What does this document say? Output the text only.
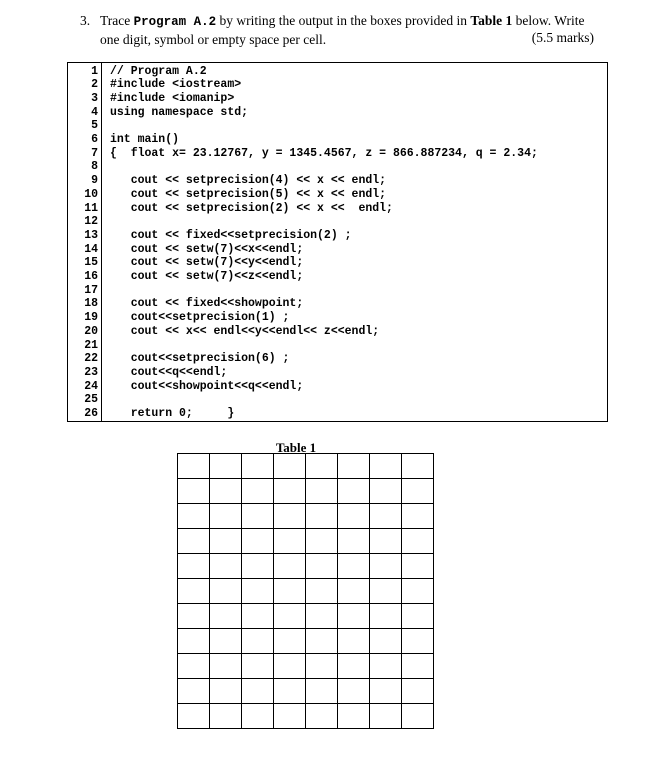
3. Trace Program A.2 by writing the output in the boxes provided in Table 1 below. Write
one digit, symbol or empty space per cell.	(5.5 marks)
1 // Program A.2
2 #include <iostream>
3 #include <iomanip>
4 using namespace std;
5
6 int main()
7 {  float x= 23.12767, y = 1345.4567, z = 866.887234, q = 2.34;
8
9 cout << setprecision(4) << x << endl;
10 cout << setprecision(5) << x << endl;
11 cout << setprecision(2) << x <<  endl;
12
13 cout << fixed<<setprecision(2) ;
14 cout << setw(7)<<x<<endl;
15 cout << setw(7)<<y<<endl;
16 cout << setw(7)<<z<<endl;
17
18 cout << fixed<<showpoint;
19 cout<<setprecision(1) ;
20 cout << x<< endl<<y<<endl<< z<<endl;
21
22 cout<<setprecision(6) ;
23 cout<<q<<endl;
24 cout<<showpoint<<q<<endl;
25
26 return 0;     }
Table 1
